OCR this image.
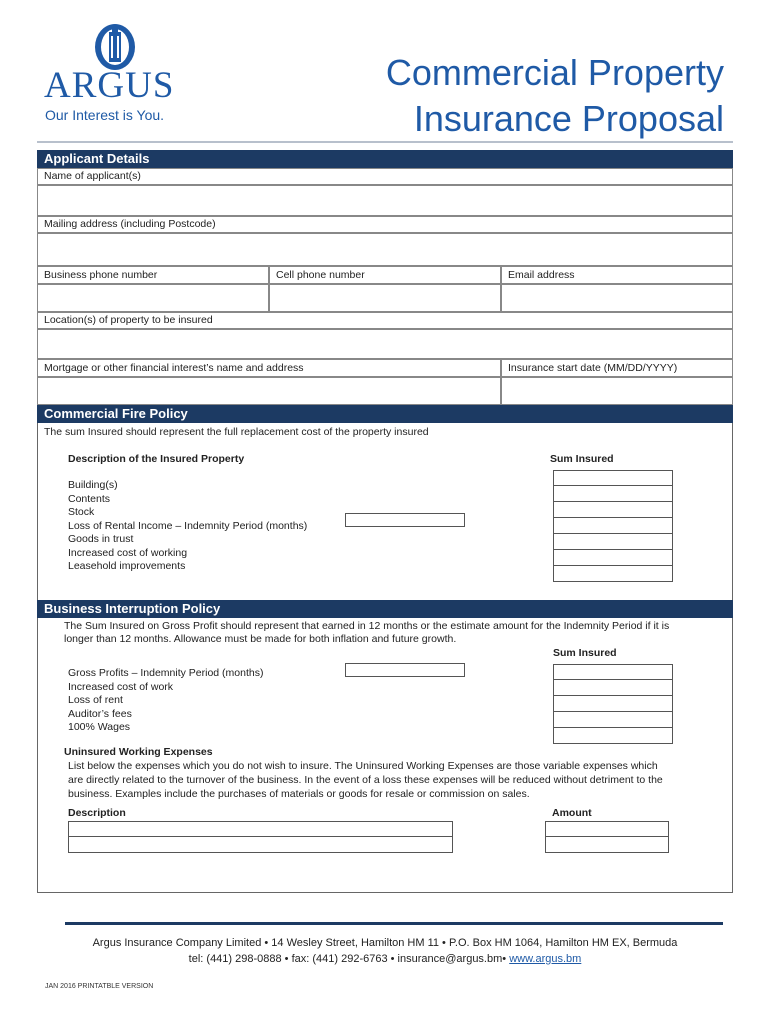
ARGUS
Our Interest is You.
Commercial Property
Insurance Proposal
Applicant Details
Name of applicant(s)
Mailing address (including Postcode)
Business phone number	Cell phone number	Email address
Location(s) of property to be insured
Mortgage or other financial interest’s name and address	Insurance start date (MM/DD/YYYY)
Commercial Fire Policy
The sum Insured should represent the full replacement cost of the property insured
Description of the Insured Property	Sum Insured
Building(s)
Contents
Stock
Loss of Rental Income – Indemnity Period (months)
Goods in trust
Increased cost of working
Leasehold improvements
Business Interruption Policy
The Sum Insured on Gross Profit should represent that earned in 12 months or the estimate amount for the Indemnity Period if it is
longer than 12 months. Allowance must be made for both inflation and future growth.
Sum Insured
Gross Profits – Indemnity Period (months)
Increased cost of work
Loss of rent
Auditor’s fees
100% Wages
Uninsured Working Expenses
List below the expenses which you do not wish to insure. The Uninsured Working Expenses are those variable expenses which
are directly related to the turnover of the business. In the event of a loss these expenses will be reduced without detriment to the
business. Examples include the purchases of materials or goods for resale or commission on sales.
Description	Amount
Argus Insurance Company Limited • 14 Wesley Street, Hamilton HM 11 • P.O. Box HM 1064, Hamilton HM EX, Bermuda
tel: (441) 298-0888 • fax: (441) 292-6763 • insurance@argus.bm• www.argus.bm
JAN 2016 PRINTATBLE VERSION
